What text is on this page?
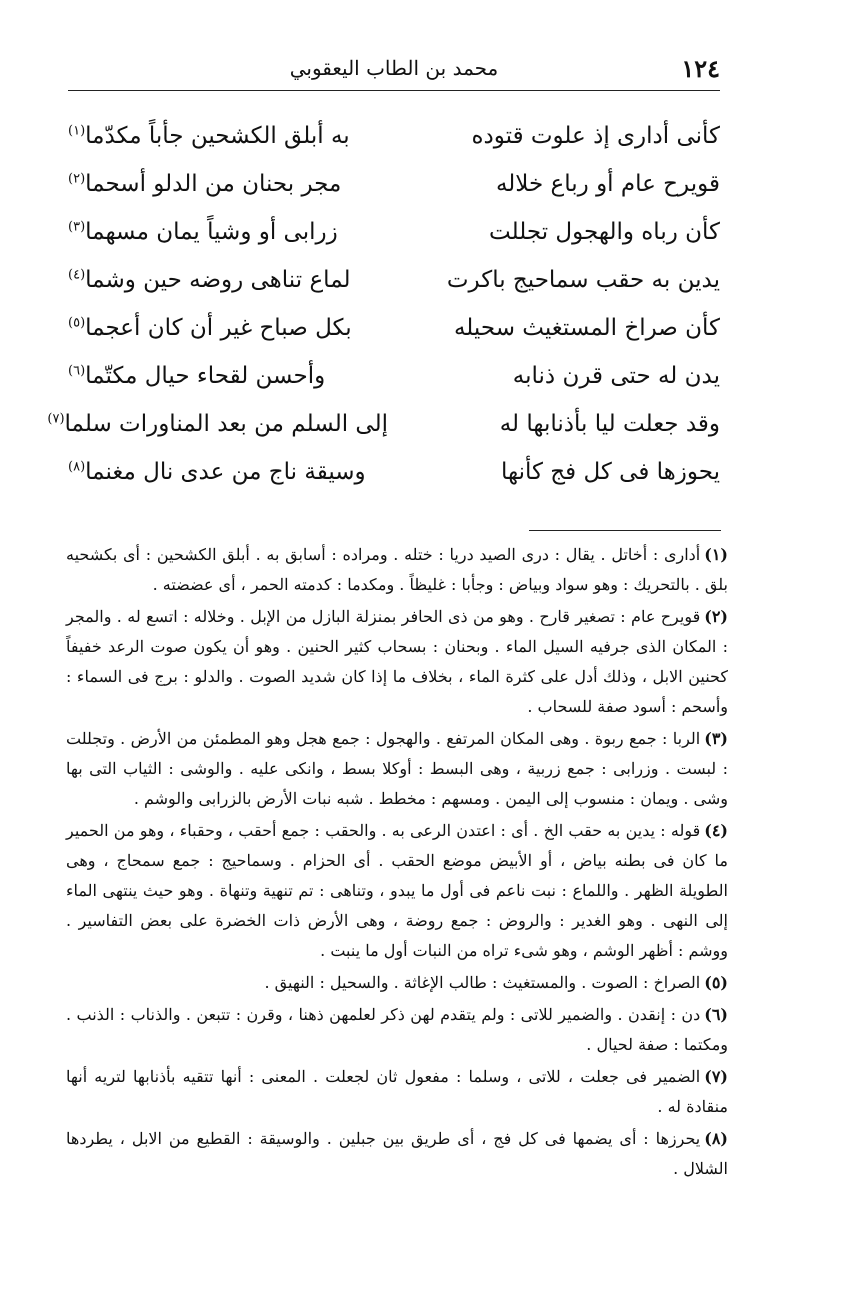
١٢٤
محمد بن الطاب اليعقوبي
كأنى أدارى إذ علوت قتوده
به أبلق الكشحين جأباً مكدّما$^{(١)}$
قويرح عام أو رباع خلاله
مجر بحنان من الدلو أسحما$^{(٢)}$
كأن رباه والهجول تجللت
زرابى أو وشياً يمان مسهما$^{(٣)}$
يدين به حقب سماحيج باكرت
لماع تناهى روضه حين وشما$^{(٤)}$
كأن صراخ المستغيث سحيله
بكل صباح غير أن كان أعجما$^{(٥)}$
يدن له حتى قرن ذنابه
وأحسن لقحاء حيال مكتّما$^{(٦)}$
وقد جعلت ليا بأذنابها له
إلى السلم من بعد المناورات سلما$^{(٧)}$
يحوزها فى كل فج كأنها
وسيقة ناج من عدى نال مغنما$^{(٨)}$

(١)أدارى : أخاتل . يقال : درى الصيد دريا : ختله . ومراده : أسابق به . أبلق الكشحين : أى بكشحيه بلق . بالتحريك : وهو سواد وبياض : وجأبا : غليظاً . ومكدما : كدمته الحمر ، أى عضضته .

(٢)قويرح عام : تصغير قارح . وهو من ذى الحافر بمنزلة البازل من الإبل . وخلاله : اتسع له . والمجر : المكان الذى جرفيه السيل الماء . وبحنان : بسحاب كثير الحنين . وهو أن يكون صوت الرعد خفيفاً كحنين الابل ، وذلك أدل على كثرة الماء ، بخلاف ما إذا كان شديد الصوت . والدلو : برج فى السماء : وأسحم : أسود صفة للسحاب .

(٣)الربا : جمع ربوة . وهى المكان المرتفع . والهجول : جمع هجل وهو المطمئن من الأرض . وتجللت : لبست . وزرابى : جمع زربية ، وهى البسط : أوكلا بسط ، وانكى عليه . والوشى : الثياب التى بها وشى . ويمان : منسوب إلى اليمن . ومسهم : مخطط . شبه نبات الأرض بالزرابى والوشم .

(٤)قوله : يدين به حقب الخ . أى : اعتدن الرعى به . والحقب : جمع أحقب ، وحقباء ، وهو من الحمير ما كان فى بطنه بياض ، أو الأبيض موضع الحقب . أى الحزام . وسماحيج : جمع سمحاج ، وهى الطويلة الظهر . واللماع : نبت ناعم فى أول ما يبدو ، وتناهى : تم تنهية وتنهاة . وهو حيث ينتهى الماء إلى النهى . وهو الغدير : والروض : جمع روضة ، وهى الأرض ذات الخضرة على بعض التفاسير . ووشم : أظهر الوشم ، وهو شىء تراه من النبات أول ما ينبت .

(٥)الصراخ : الصوت . والمستغيث : طالب الإغاثة . والسحيل : النهيق .

(٦)دن : إنقدن . والضمير للاتى : ولم يتقدم لهن ذكر لعلمهن ذهنا ، وقرن : تتبعن . والذناب : الذنب . ومكتما : صفة لحيال .

(٧)الضمير فى جعلت ، للاتى ، وسلما : مفعول ثان لجعلت . المعنى : أنها تتقيه بأذنابها لتريه أنها منقادة له .

(٨)يحرزها : أى يضمها فى كل فج ، أى طريق بين جبلين . والوسيقة : القطيع من الابل ، يطردها الشلال .
